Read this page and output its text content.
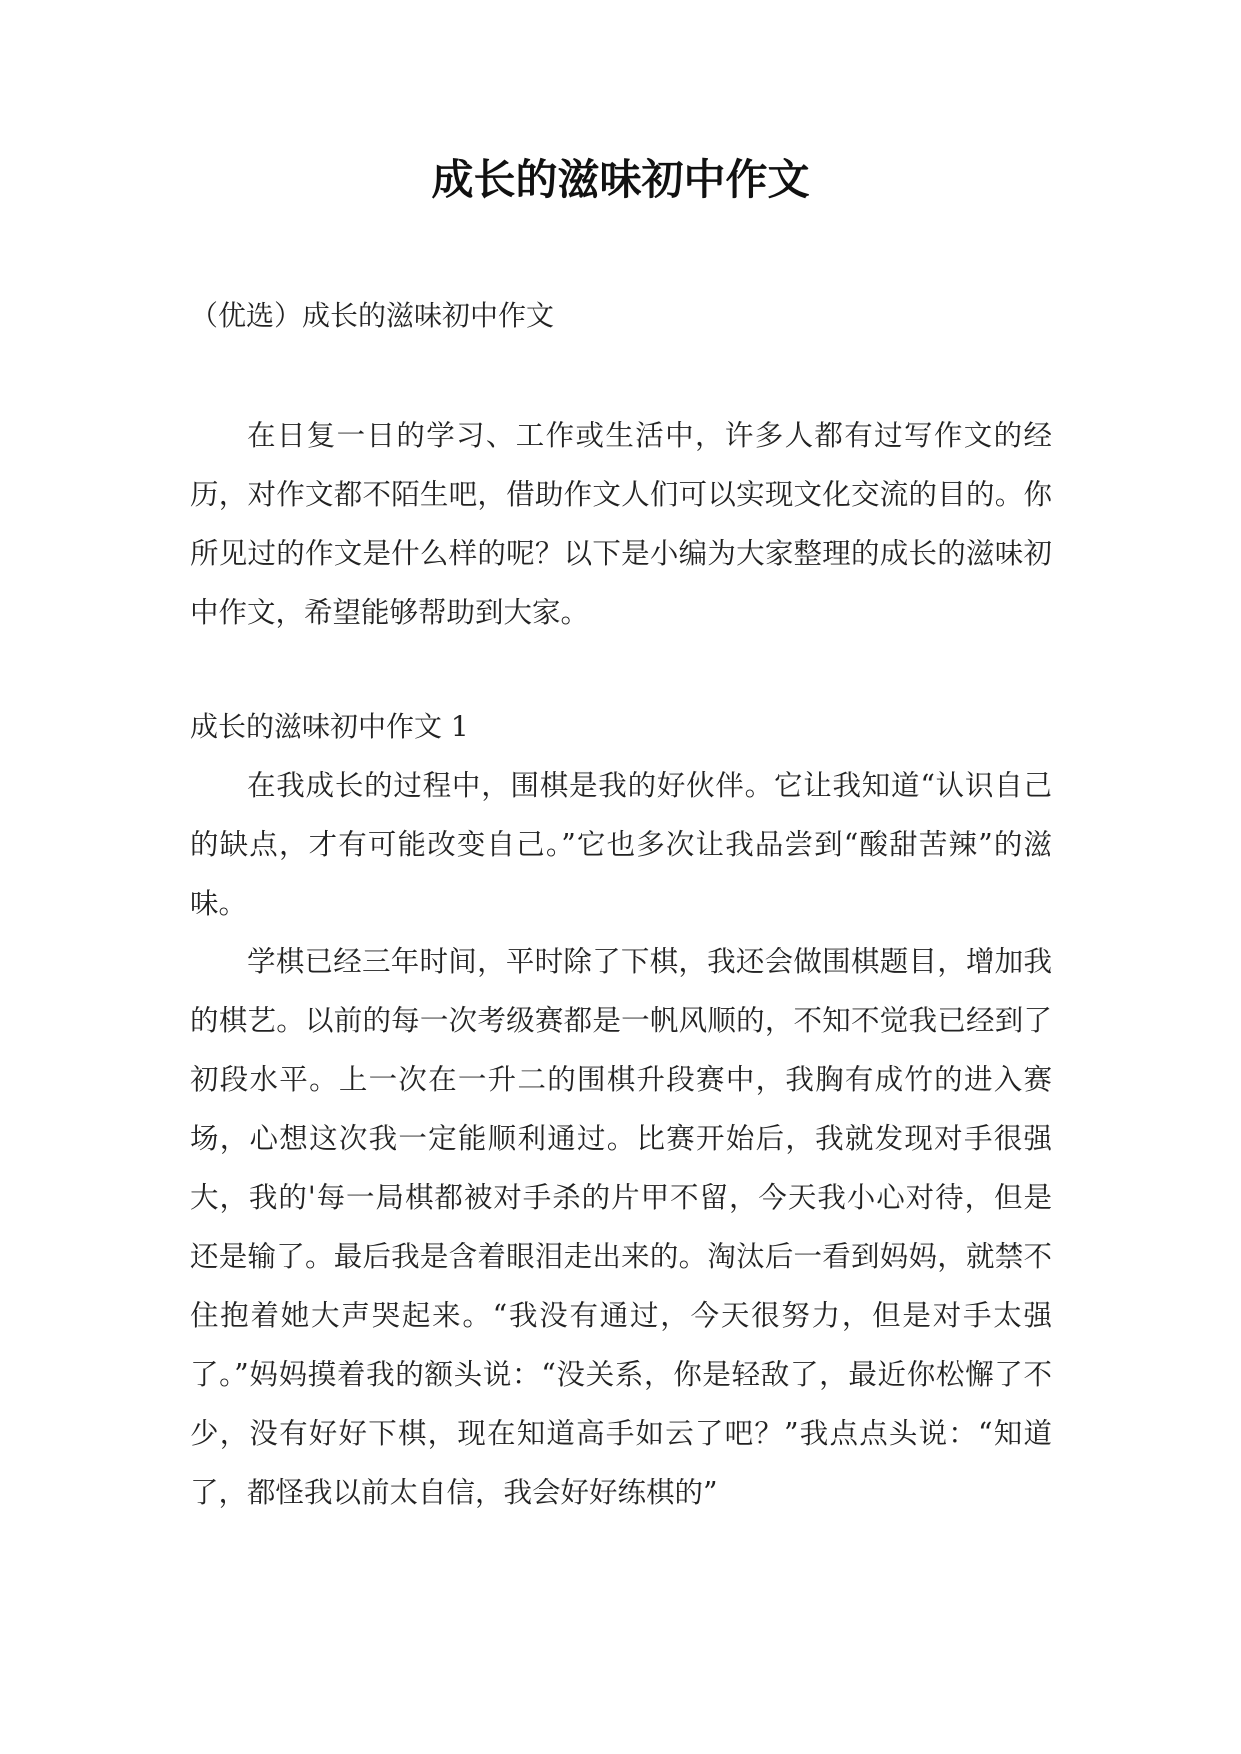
成长的滋味初中作文

（优选）成长的滋味初中作文

在日复一日的学习、工作或生活中，许多人都有过写作文的经历，对作文都不陌生吧，借助作文人们可以实现文化交流的目的。你所见过的作文是什么样的呢？以下是小编为大家整理的成长的滋味初中作文，希望能够帮助到大家。

成长的滋味初中作文 1

在我成长的过程中，围棋是我的好伙伴。它让我知道“认识自己的缺点，才有可能改变自己。”它也多次让我品尝到“酸甜苦辣”的滋味。

学棋已经三年时间，平时除了下棋，我还会做围棋题目，增加我的棋艺。以前的每一次考级赛都是一帆风顺的，不知不觉我已经到了初段水平。上一次在一升二的围棋升段赛中，我胸有成竹的进入赛场，心想这次我一定能顺利通过。比赛开始后，我就发现对手很强大，我的'每一局棋都被对手杀的片甲不留，今天我小心对待，但是还是输了。最后我是含着眼泪走出来的。淘汰后一看到妈妈，就禁不住抱着她大声哭起来。“我没有通过，今天很努力，但是对手太强了。”妈妈摸着我的额头说：“没关系，你是轻敌了，最近你松懈了不少，没有好好下棋，现在知道高手如云了吧？”我点点头说：“知道了，都怪我以前太自信，我会好好练棋的”
